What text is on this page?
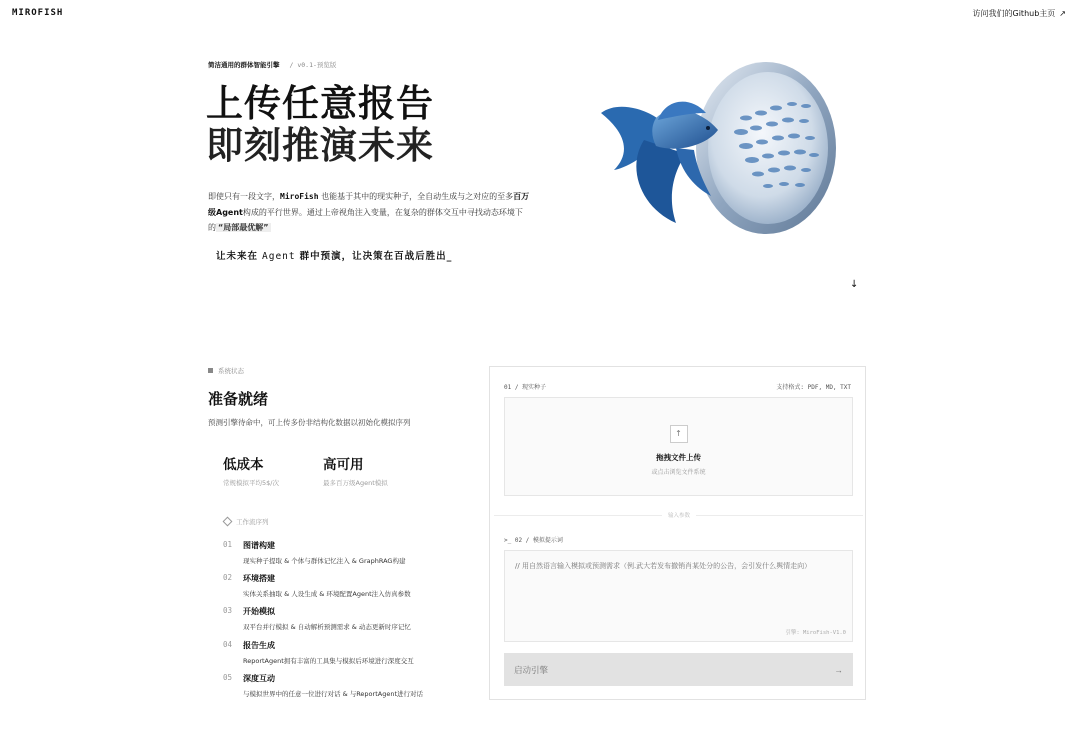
MIROFISH	访问我们的Github主页 ↗
简洁通用的群体智能引擎 / v0.1-预览版
上传任意报告
即刻推演未来
即使只有一段文字，MiroFish 也能基于其中的现实种子，全自动生成与之对应的至多百万级Agent构成的平行世界。通过上帝视角注入变量，在复杂的群体交互中寻找动态环境下的 “局部最优解”
让未来在 Agent 群中预演，让决策在百战后胜出_
↓
系统状态
准备就绪
预测引擎待命中，可上传多份非结构化数据以初始化模拟序列
低成本
常规模拟平均5$/次
高可用
最多百万级Agent模拟
工作流序列
01 图谱构建
现实种子提取 & 个体与群体记忆注入 & GraphRAG构建
02 环境搭建
实体关系抽取 & 人设生成 & 环境配置Agent注入仿真参数
03 开始模拟
双平台并行模拟 & 自动解析预测需求 & 动态更新时序记忆
04 报告生成
ReportAgent拥有丰富的工具集与模拟后环境进行深度交互
05 深度互动
与模拟世界中的任意一位进行对话 & 与ReportAgent进行对话
01 / 现实种子	支持格式: PDF, MD, TXT
↑
拖拽文件上传
或点击浏览文件系统
输入参数
>_ 02 / 模拟提示词
// 用自然语言输入模拟或预测需求（例.武大若发布撤销肖某处分的公告，会引发什么舆情走向）
引擎: MiroFish-V1.0
启动引擎	→
